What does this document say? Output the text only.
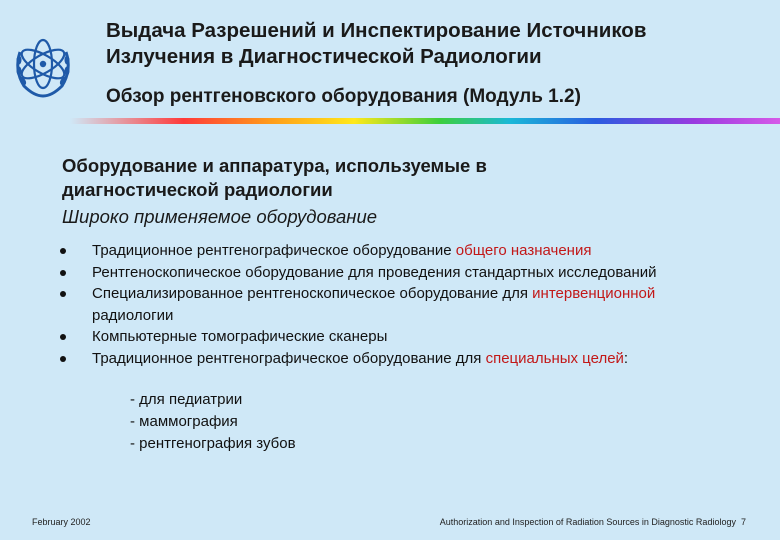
Выдача Разрешений и Инспектирование Источников
Излучения в Диагностической Радиологии
Обзор рентгеновского оборудования (Модуль 1.2)
Оборудование и аппаратура, используемые в
диагностической радиологии
Широко применяемое оборудование
Традиционное рентгенографическое оборудование общего назначения
Рентгеноскопическое оборудование для проведения стандартных исследований
Специализированное рентгеноскопическое оборудование для интервенционной
радиологии
Компьютерные томографические сканеры
Традиционное рентгенографическое оборудование для специальных целей:
- для педиатрии
- маммография
- рентгенография зубов
February 2002	Authorization and Inspection of Radiation Sources in Diagnostic Radiology 7
